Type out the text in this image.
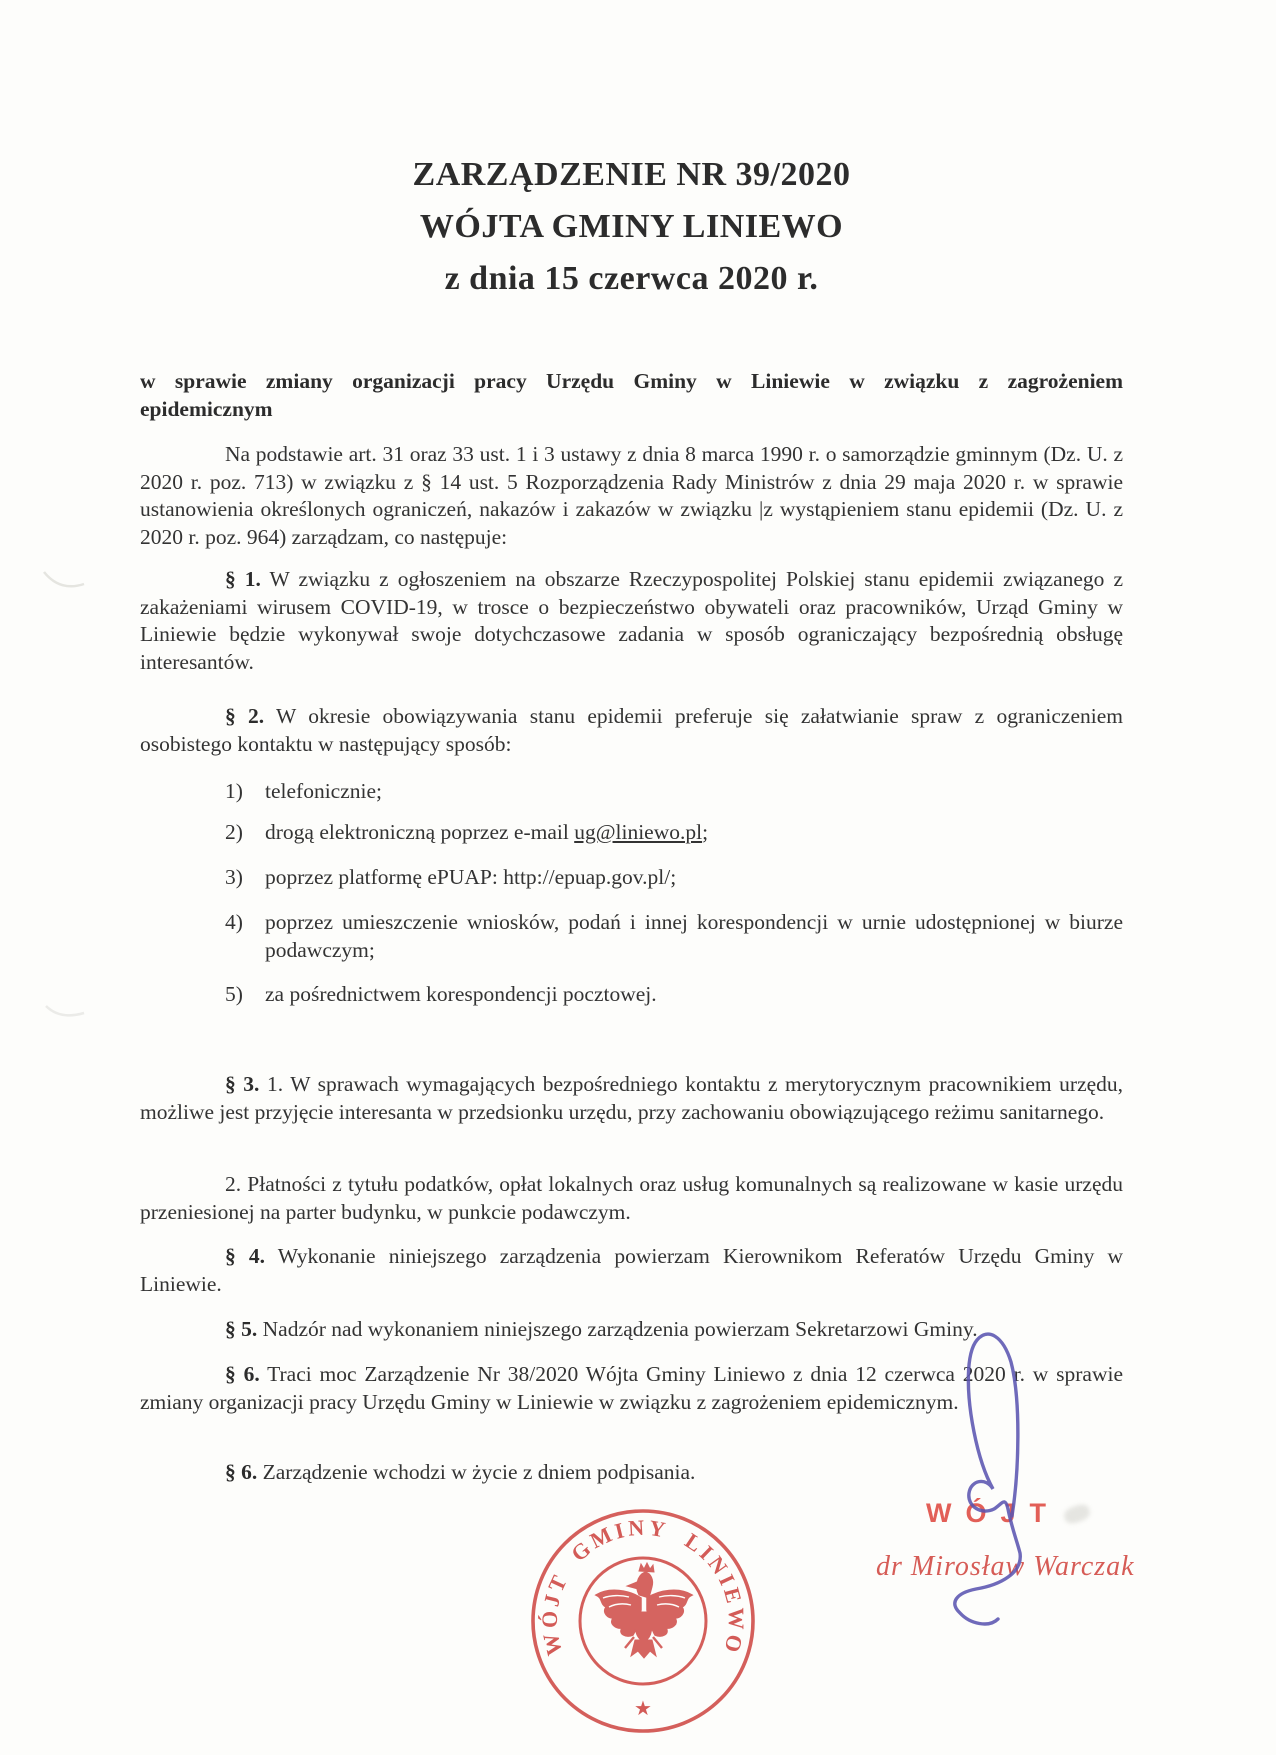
ZARZĄDZENIE NR 39/2020
WÓJTA GMINY LINIEWO
z dnia 15 czerwca 2020 r.
w sprawie zmiany organizacji pracy Urzędu Gminy w Liniewie w związku z zagrożeniem epidemicznym
Na podstawie art. 31 oraz 33 ust. 1 i 3 ustawy z dnia 8 marca 1990 r. o samorządzie gminnym (Dz. U. z 2020 r. poz. 713) w związku z § 14 ust. 5 Rozporządzenia Rady Ministrów z dnia 29 maja 2020 r. w sprawie ustanowienia określonych ograniczeń, nakazów i zakazów w związku |z wystąpieniem stanu epidemii (Dz. U. z 2020 r. poz. 964) zarządzam, co następuje:
§ 1. W związku z ogłoszeniem na obszarze Rzeczypospolitej Polskiej stanu epidemii związanego z zakażeniami wirusem COVID-19, w trosce o bezpieczeństwo obywateli oraz pracowników, Urząd Gminy w Liniewie będzie wykonywał swoje dotychczasowe zadania w sposób ograniczający bezpośrednią obsługę interesantów.
§ 2. W okresie obowiązywania stanu epidemii preferuje się załatwianie spraw z ograniczeniem osobistego kontaktu w następujący sposób:
1) telefonicznie;
2) drogą elektroniczną poprzez e-mail ug@liniewo.pl;
3) poprzez platformę ePUAP: http://epuap.gov.pl/;
4) poprzez umieszczenie wniosków, podań i innej korespondencji w urnie udostępnionej w biurze podawczym;
5) za pośrednictwem korespondencji pocztowej.
§ 3. 1. W sprawach wymagających bezpośredniego kontaktu z merytorycznym pracownikiem urzędu, możliwe jest przyjęcie interesanta w przedsionku urzędu, przy zachowaniu obowiązującego reżimu sanitarnego.
2. Płatności z tytułu podatków, opłat lokalnych oraz usług komunalnych są realizowane w kasie urzędu przeniesionej na parter budynku, w punkcie podawczym.
§ 4. Wykonanie niniejszego zarządzenia powierzam Kierownikom Referatów Urzędu Gminy w Liniewie.
§ 5. Nadzór nad wykonaniem niniejszego zarządzenia powierzam Sekretarzowi Gminy.
§ 6. Traci moc Zarządzenie Nr 38/2020 Wójta Gminy Liniewo z dnia 12 czerwca 2020 r. w sprawie zmiany organizacji pracy Urzędu Gminy w Liniewie w związku z zagrożeniem epidemicznym.
§ 6. Zarządzenie wchodzi w życie z dniem podpisania.
WÓJT
dr Mirosław Warczak
WÓJT GMINY LINIEWO
★
